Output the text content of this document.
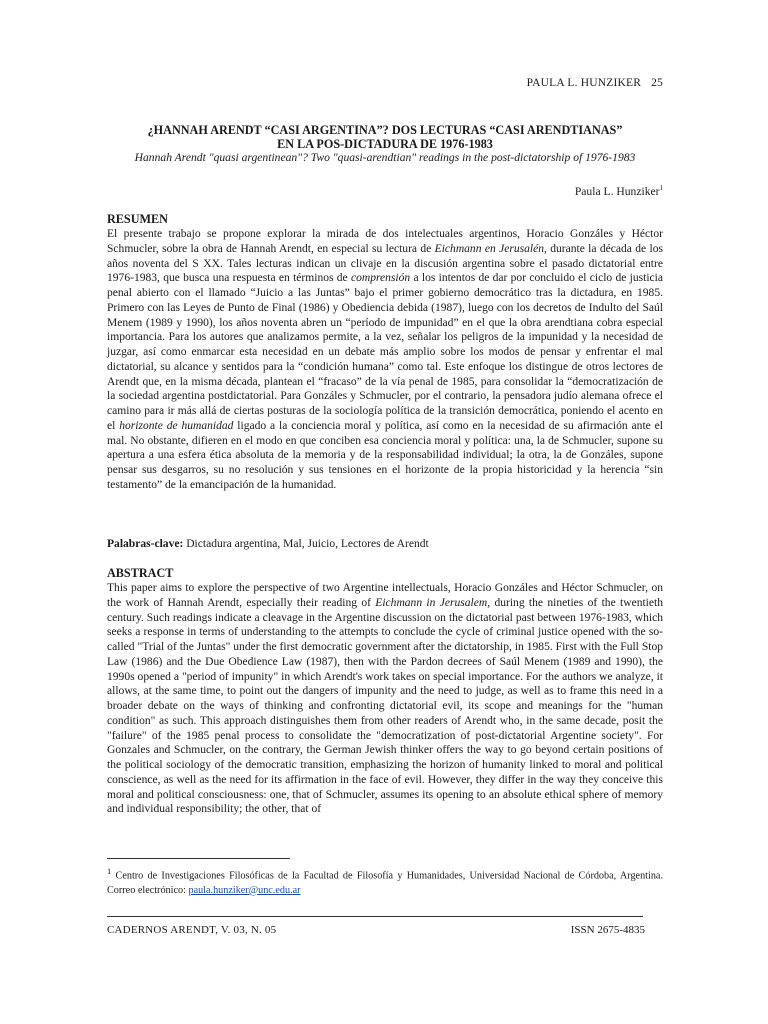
PAULA L. HUNZIKER 25
¿HANNAH ARENDT “CASI ARGENTINA”? DOS LECTURAS “CASI ARENDTIANAS”
EN LA POS-DICTADURA DE 1976-1983
Hannah Arendt "quasi argentinean"? Two "quasi-arendtian" readings in the post-dictatorship of 1976-1983
Paula L. Hunziker$^1$
RESUMEN

El presente trabajo se propone explorar la mirada de dos intelectuales argentinos, Horacio Gonzáles y Héctor Schmucler, sobre la obra de Hannah Arendt, en especial su lectura de Eichmann en Jerusalén, durante la década de los años noventa del S XX. Tales lecturas indican un clivaje en la discusión argentina sobre el pasado dictatorial entre 1976-1983, que busca una respuesta en términos de comprensión a los intentos de dar por concluido el ciclo de justicia penal abierto con el llamado “Juicio a las Juntas” bajo el primer gobierno democrático tras la dictadura, en 1985. Primero con las Leyes de Punto de Final (1986) y Obediencia debida (1987), luego con los decretos de Indulto del Saúl Menem (1989 y 1990), los años noventa abren un “período de impunidad” en el que la obra arendtiana cobra especial importancia. Para los autores que analizamos permite, a la vez, señalar los peligros de la impunidad y la necesidad de juzgar, así como enmarcar esta necesidad en un debate más amplio sobre los modos de pensar y enfrentar el mal dictatorial, su alcance y sentidos para la “condición humana” como tal. Este enfoque los distingue de otros lectores de Arendt que, en la misma década, plantean el “fracaso” de la vía penal de 1985, para consolidar la “democratización de la sociedad argentina postdictatorial. Para Gonzáles y Schmucler, por el contrario, la pensadora judío alemana ofrece el camino para ir más allá de ciertas posturas de la sociología política de la transición democrática, poniendo el acento en el horizonte de humanidad ligado a la conciencia moral y política, así como en la necesidad de su afirmación ante el mal. No obstante, difieren en el modo en que conciben esa conciencia moral y política: una, la de Schmucler, supone su apertura a una esfera ética absoluta de la memoria y de la responsabilidad individual; la otra, la de Gonzáles, supone pensar sus desgarros, su no resolución y sus tensiones en el horizonte de la propia historicidad y la herencia “sin testamento” de la emancipación de la humanidad.

Palabras-clave: Dictadura argentina, Mal, Juicio, Lectores de Arendt
ABSTRACT

This paper aims to explore the perspective of two Argentine intellectuals, Horacio Gonzáles and Héctor Schmucler, on the work of Hannah Arendt, especially their reading of Eichmann in Jerusalem, during the nineties of the twentieth century. Such readings indicate a cleavage in the Argentine discussion on the dictatorial past between 1976-1983, which seeks a response in terms of understanding to the attempts to conclude the cycle of criminal justice opened with the so-called "Trial of the Juntas" under the first democratic government after the dictatorship, in 1985. First with the Full Stop Law (1986) and the Due Obedience Law (1987), then with the Pardon decrees of Saúl Menem (1989 and 1990), the 1990s opened a "period of impunity" in which Arendt's work takes on special importance. For the authors we analyze, it allows, at the same time, to point out the dangers of impunity and the need to judge, as well as to frame this need in a broader debate on the ways of thinking and confronting dictatorial evil, its scope and meanings for the "human condition" as such. This approach distinguishes them from other readers of Arendt who, in the same decade, posit the "failure" of the 1985 penal process to consolidate the "democratization of post-dictatorial Argentine society". For Gonzales and Schmucler, on the contrary, the German Jewish thinker offers the way to go beyond certain positions of the political sociology of the democratic transition, emphasizing the horizon of humanity linked to moral and political conscience, as well as the need for its affirmation in the face of evil. However, they differ in the way they conceive this moral and political consciousness: one, that of Schmucler, assumes its opening to an absolute ethical sphere of memory and individual responsibility; the other, that of

$^1$ Centro de Investigaciones Filosóficas de la Facultad de Filosofía y Humanidades, Universidad Nacional de Córdoba, Argentina. Correo electrónico: paula.hunziker@unc.edu.ar
CADERNOS ARENDT, V. 03, N. 05	ISSN 2675-4835
